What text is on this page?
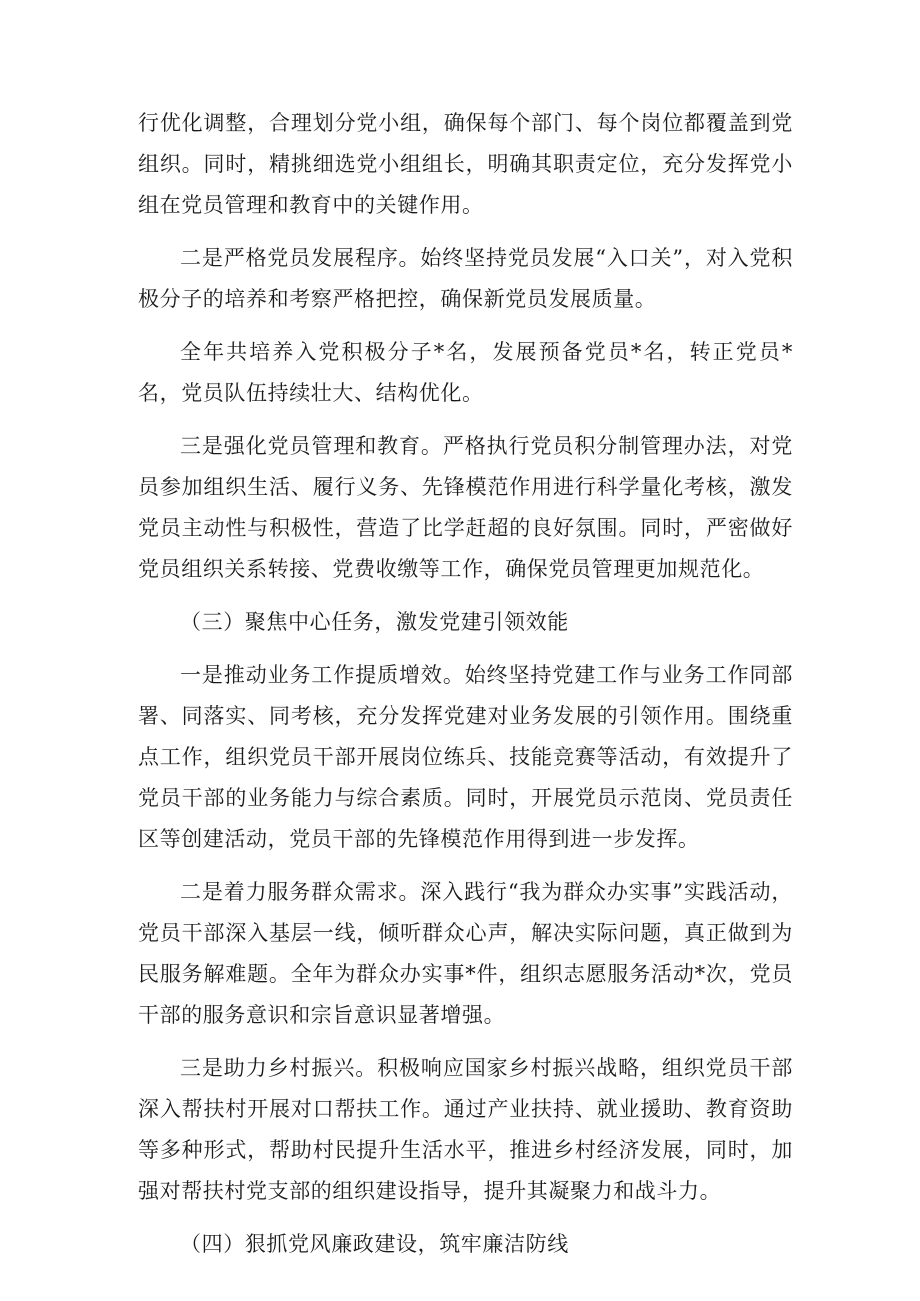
行优化调整，合理划分党小组，确保每个部门、每个岗位都覆盖到党组织。同时，精挑细选党小组组长，明确其职责定位，充分发挥党小组在党员管理和教育中的关键作用。

二是严格党员发展程序。始终坚持党员发展“入口关”，对入党积极分子的培养和考察严格把控，确保新党员发展质量。

全年共培养入党积极分子*名，发展预备党员*名，转正党员*名，党员队伍持续壮大、结构优化。

三是强化党员管理和教育。严格执行党员积分制管理办法，对党员参加组织生活、履行义务、先锋模范作用进行科学量化考核，激发党员主动性与积极性，营造了比学赶超的良好氛围。同时，严密做好党员组织关系转接、党费收缴等工作，确保党员管理更加规范化。

（三）聚焦中心任务，激发党建引领效能

一是推动业务工作提质增效。始终坚持党建工作与业务工作同部署、同落实、同考核，充分发挥党建对业务发展的引领作用。围绕重点工作，组织党员干部开展岗位练兵、技能竞赛等活动，有效提升了党员干部的业务能力与综合素质。同时，开展党员示范岗、党员责任区等创建活动，党员干部的先锋模范作用得到进一步发挥。

二是着力服务群众需求。深入践行“我为群众办实事”实践活动，党员干部深入基层一线，倾听群众心声，解决实际问题，真正做到为民服务解难题。全年为群众办实事*件，组织志愿服务活动*次，党员干部的服务意识和宗旨意识显著增强。

三是助力乡村振兴。积极响应国家乡村振兴战略，组织党员干部深入帮扶村开展对口帮扶工作。通过产业扶持、就业援助、教育资助等多种形式，帮助村民提升生活水平，推进乡村经济发展，同时，加强对帮扶村党支部的组织建设指导，提升其凝聚力和战斗力。

（四）狠抓党风廉政建设，筑牢廉洁防线
